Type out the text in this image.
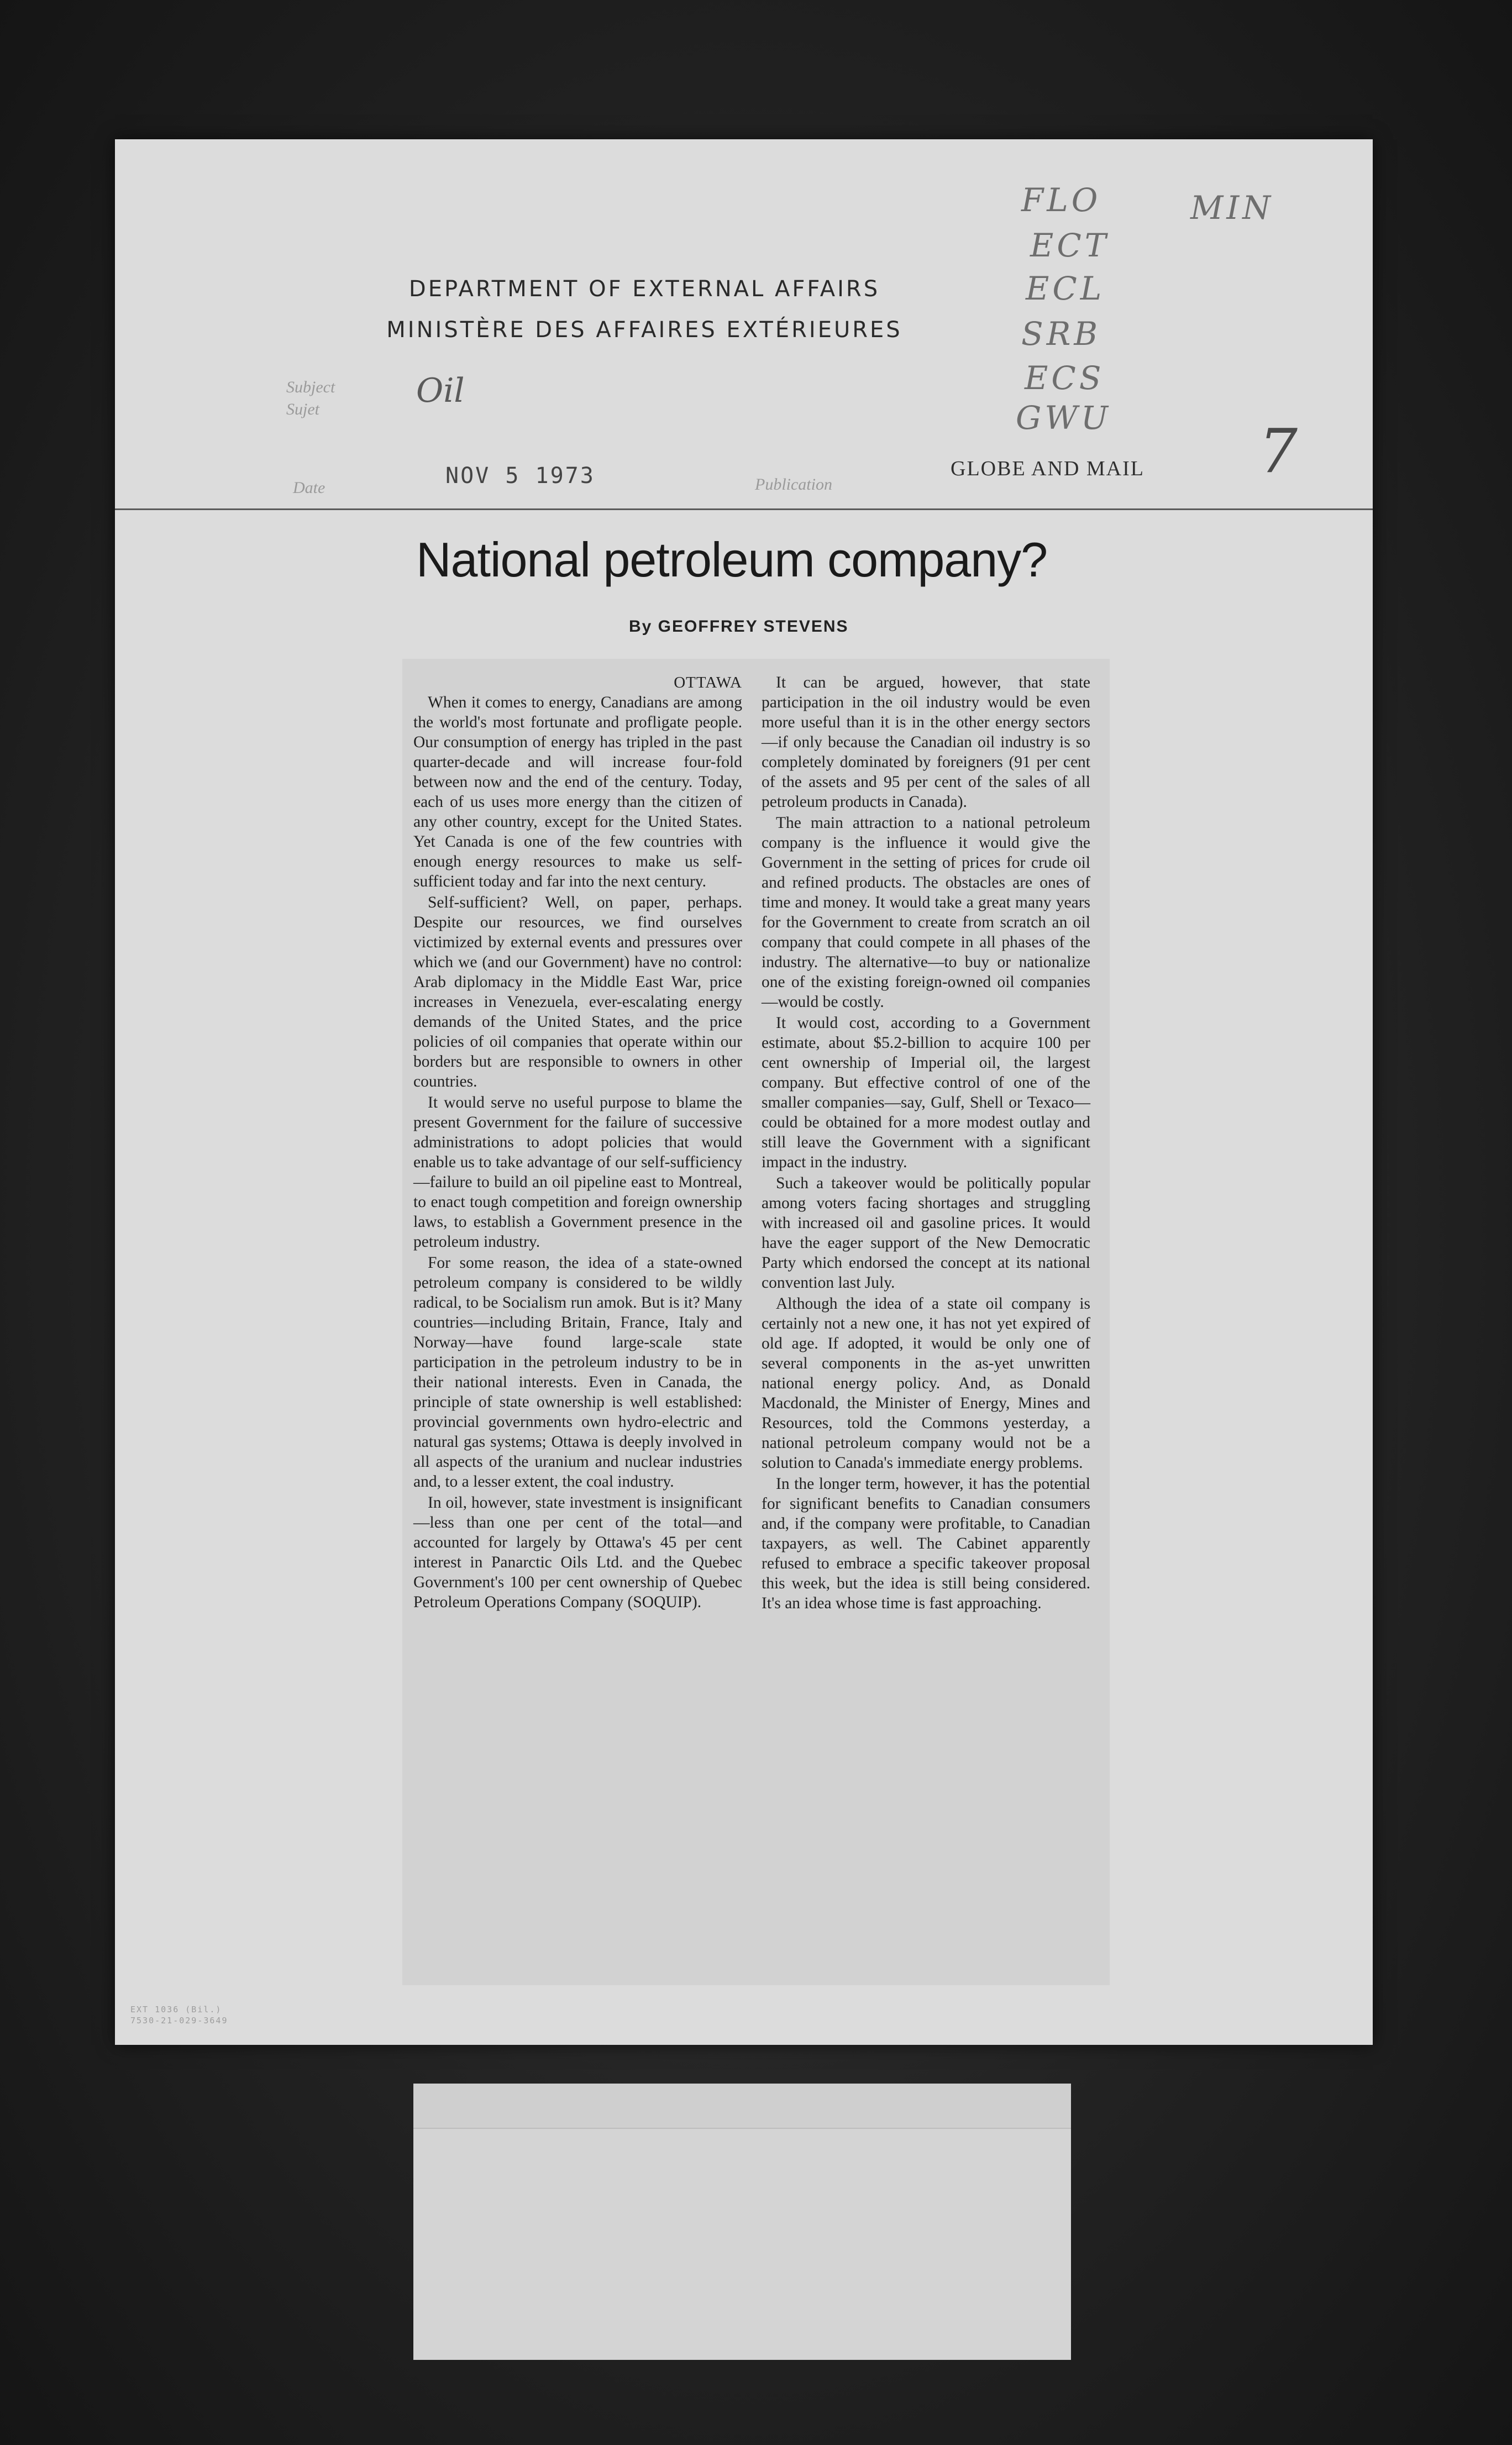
DEPARTMENT OF EXTERNAL AFFAIRS
MINISTÈRE DES AFFAIRES EXTÉRIEURES
FLO	MIN
ECT
ECL
SRB
ECS
GWU
Subject
Sujet	Oil
Date	NOV 5 1973	Publication
GLOBE AND MAIL 7
National petroleum company?
By GEOFFREY STEVENS
OTTAWA

When it comes to energy, Canadians are among the world's most fortunate and profligate people. Our consumption of energy has tripled in the past quarter-decade and will increase four-fold between now and the end of the century. Today, each of us uses more energy than the citizen of any other country, except for the United States. Yet Canada is one of the few countries with enough energy resources to make us self-sufficient today and far into the next century.

Self-sufficient? Well, on paper, perhaps. Despite our resources, we find ourselves victimized by external events and pressures over which we (and our Government) have no control: Arab diplomacy in the Middle East War, price increases in Venezuela, ever-escalating energy demands of the United States, and the price policies of oil companies that operate within our borders but are responsible to owners in other countries.

It would serve no useful purpose to blame the present Government for the failure of successive administrations to adopt policies that would enable us to take advantage of our self-sufficiency—failure to build an oil pipeline east to Montreal, to enact tough competition and foreign ownership laws, to establish a Government presence in the petroleum industry.

For some reason, the idea of a state-owned petroleum company is considered to be wildly radical, to be Socialism run amok. But is it? Many countries—including Britain, France, Italy and Norway—have found large-scale state participation in the petroleum industry to be in their national interests. Even in Canada, the principle of state ownership is well established: provincial governments own hydro-electric and natural gas systems; Ottawa is deeply involved in all aspects of the uranium and nuclear industries and, to a lesser extent, the coal industry.

In oil, however, state investment is insignificant—less than one per cent of the total—and accounted for largely by Ottawa's 45 per cent interest in Panarctic Oils Ltd. and the Quebec Government's 100 per cent ownership of Quebec Petroleum Operations Company (SOQUIP).

It can be argued, however, that state participation in the oil industry would be even more useful than it is in the other energy sectors—if only because the Canadian oil industry is so completely dominated by foreigners (91 per cent of the assets and 95 per cent of the sales of all petroleum products in Canada).

The main attraction to a national petroleum company is the influence it would give the Government in the setting of prices for crude oil and refined products. The obstacles are ones of time and money. It would take a great many years for the Government to create from scratch an oil company that could compete in all phases of the industry. The alternative—to buy or nationalize one of the existing foreign-owned oil companies—would be costly.

It would cost, according to a Government estimate, about $5.2-billion to acquire 100 per cent ownership of Imperial oil, the largest company. But effective control of one of the smaller companies—say, Gulf, Shell or Texaco—could be obtained for a more modest outlay and still leave the Government with a significant impact in the industry.

Such a takeover would be politically popular among voters facing shortages and struggling with increased oil and gasoline prices. It would have the eager support of the New Democratic Party which endorsed the concept at its national convention last July.

Although the idea of a state oil company is certainly not a new one, it has not yet expired of old age. If adopted, it would be only one of several components in the as-yet unwritten national energy policy. And, as Donald Macdonald, the Minister of Energy, Mines and Resources, told the Commons yesterday, a national petroleum company would not be a solution to Canada's immediate energy problems.

In the longer term, however, it has the potential for significant benefits to Canadian consumers and, if the company were profitable, to Canadian taxpayers, as well. The Cabinet apparently refused to embrace a specific takeover proposal this week, but the idea is still being considered. It's an idea whose time is fast approaching.

EXT 1036 (Bil.)
7530-21-029-3649
